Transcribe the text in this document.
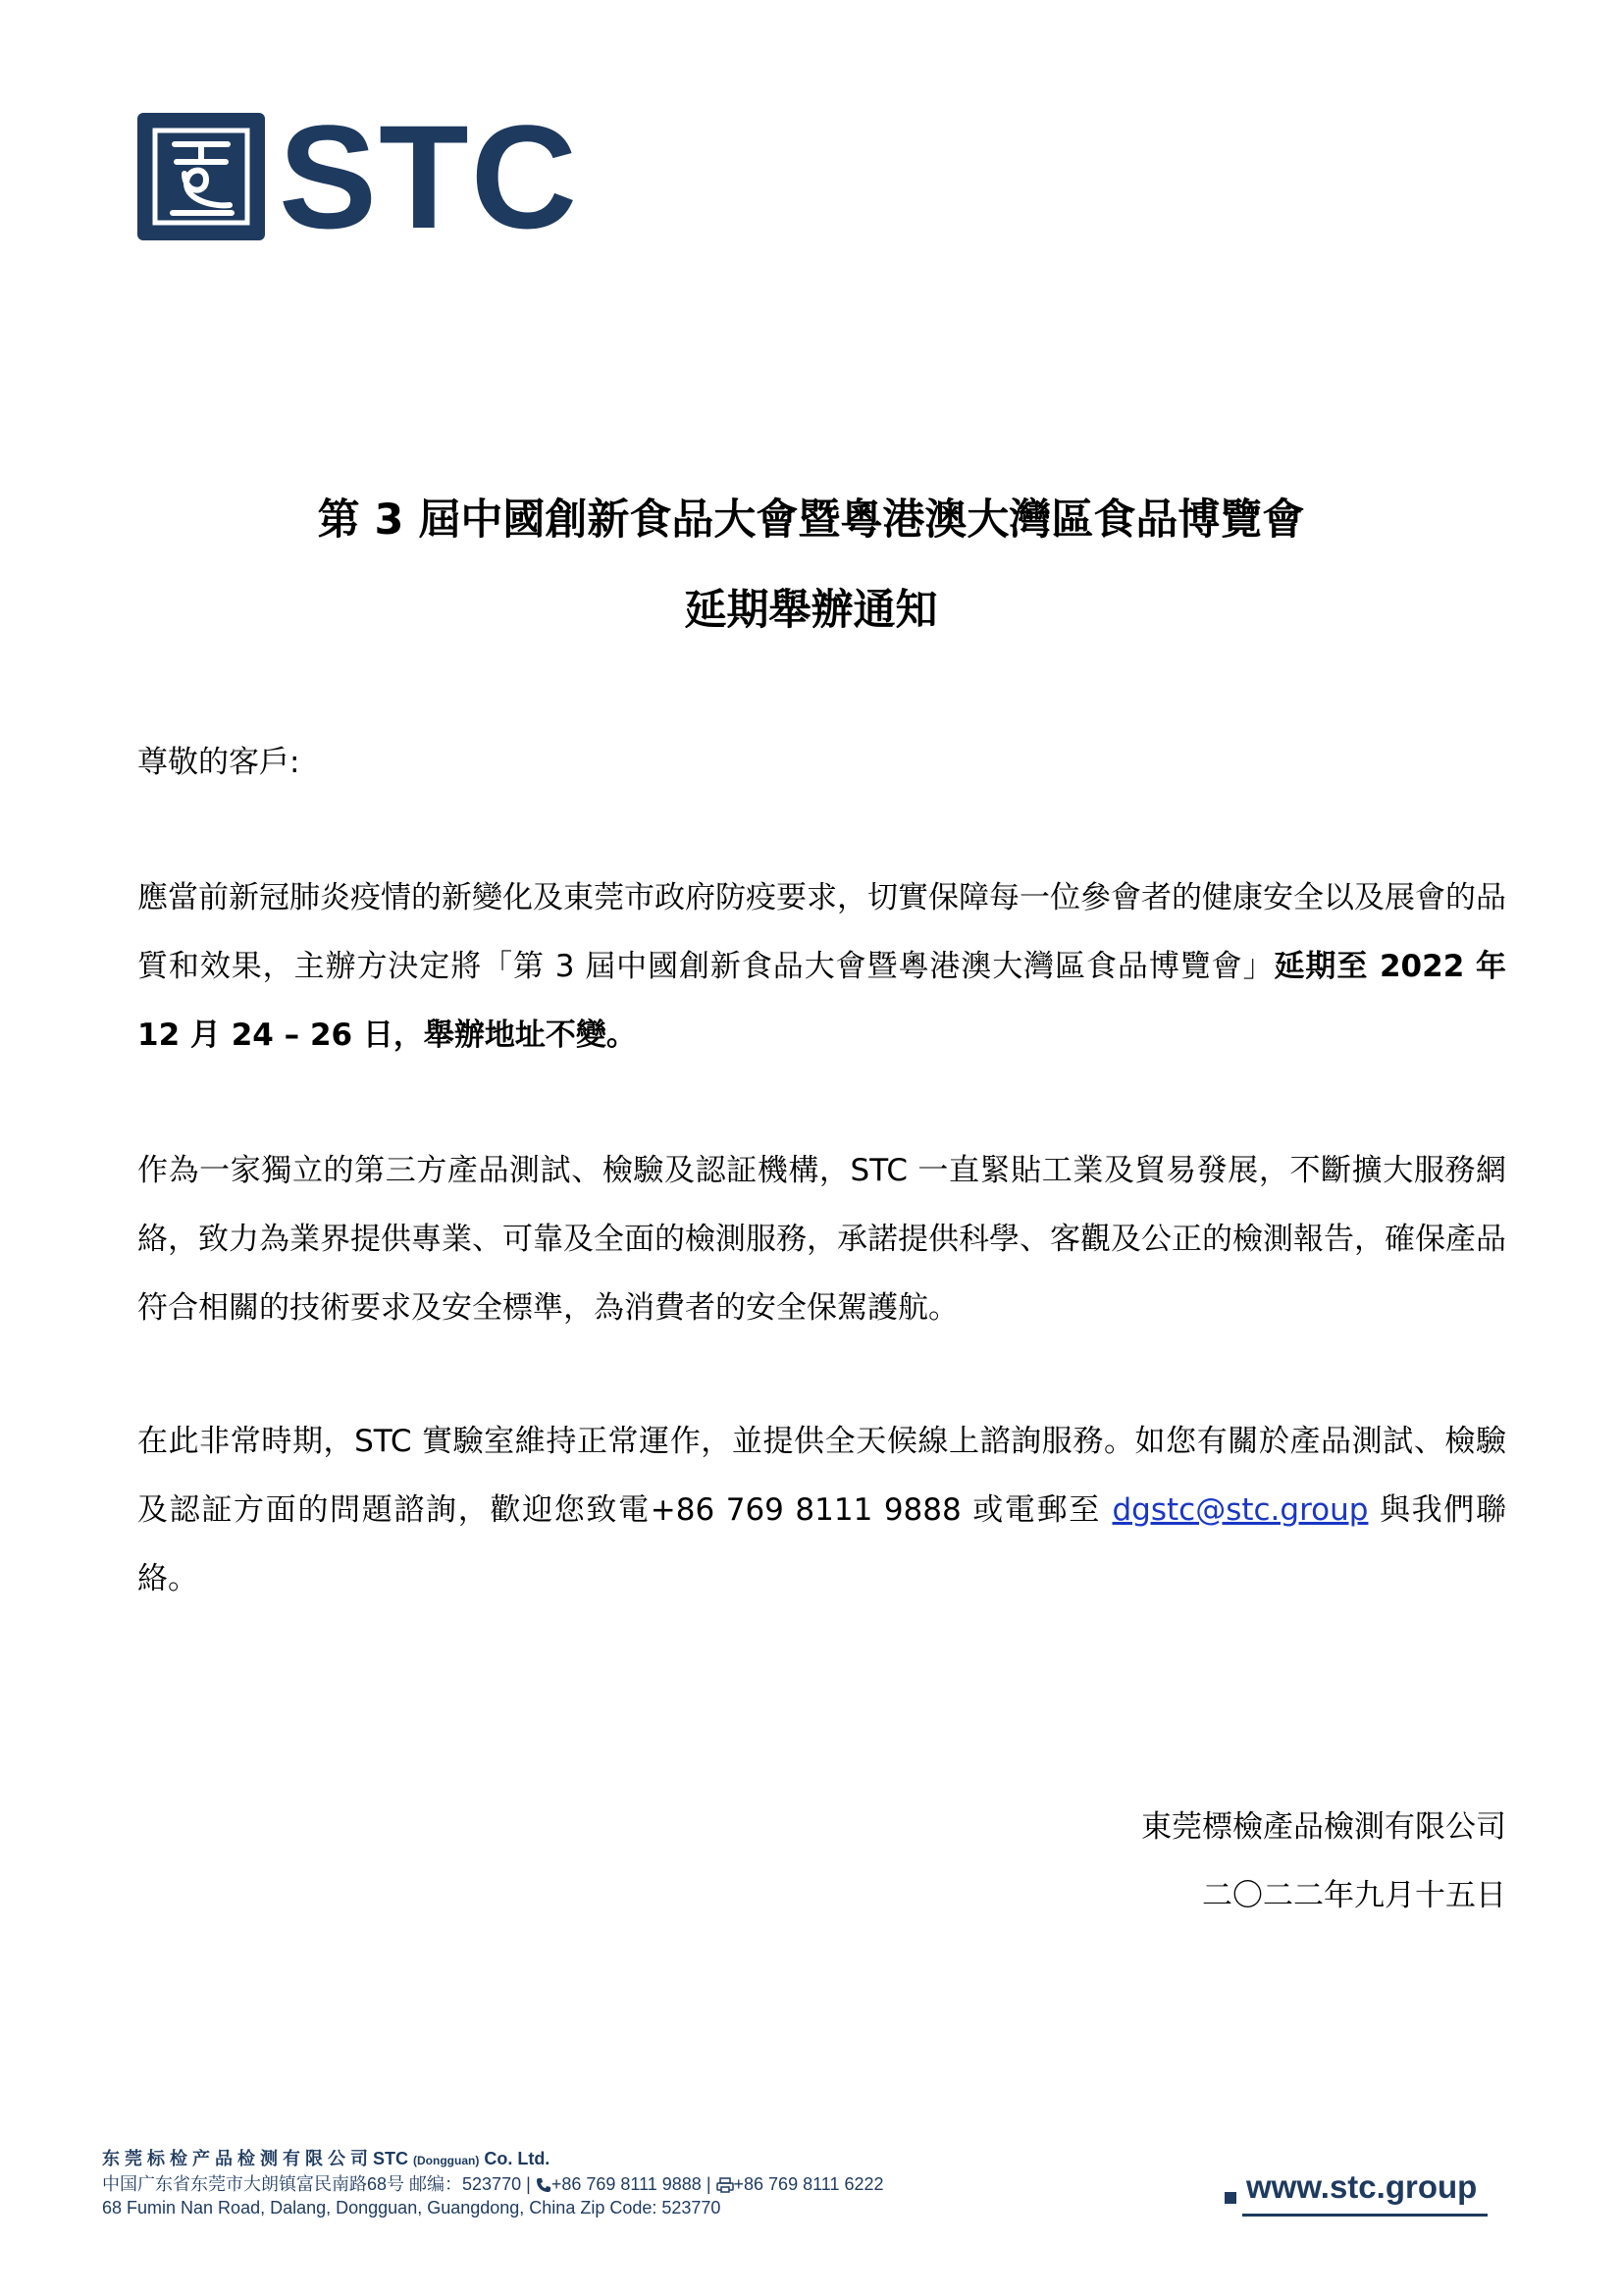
STC
第 3 屆中國創新食品大會暨粵港澳大灣區食品博覽會
延期舉辦通知
尊敬的客戶:
應當前新冠肺炎疫情的新變化及東莞市政府防疫要求，切實保障每一位參會者的健康安全以及展會的品質和效果，主辦方決定將「第 3 屆中國創新食品大會暨粵港澳大灣區食品博覽會」延期至 2022 年 12 月 24 – 26 日，舉辦地址不變。
作為一家獨立的第三方產品測試、檢驗及認証機構，STC 一直緊貼工業及貿易發展，不斷擴大服務網絡，致力為業界提供專業、可靠及全面的檢測服務，承諾提供科學、客觀及公正的檢測報告，確保產品符合相關的技術要求及安全標準，為消費者的安全保駕護航。
在此非常時期，STC 實驗室維持正常運作，並提供全天候線上諮詢服務。如您有關於產品測試、檢驗及認証方面的問題諮詢，歡迎您致電+86 769 8111 9888 或電郵至 dgstc@stc.group 與我們聯絡。
東莞標檢產品檢測有限公司
二〇二二年九月十五日
东 莞 标 检 产 品 检 测 有 限 公 司 STC (Dongguan) Co. Ltd.
中国广东省东莞市大朗镇富民南路68号 邮编：523770 | +86 769 8111 9888 | +86 769 8111 6222
68 Fumin Nan Road, Dalang, Dongguan, Guangdong, China Zip Code: 523770
www.stc.group
